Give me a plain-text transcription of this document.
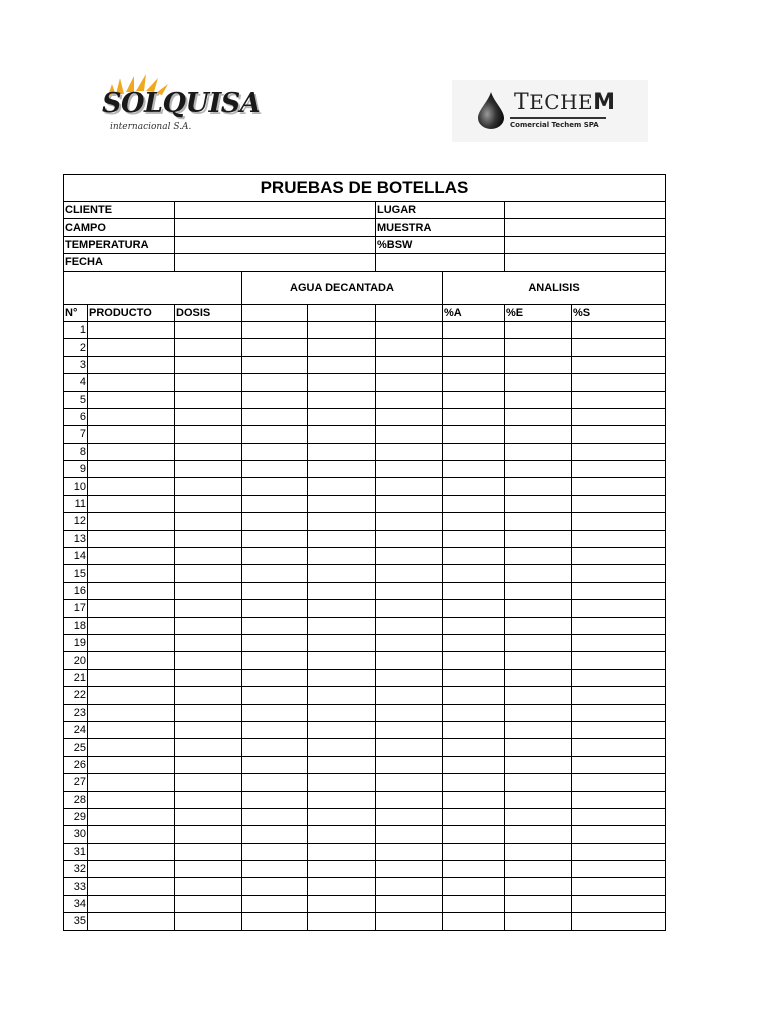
SOLQUISA
internacional S.A.
TECHEM
Comercial Techem SPA
PRUEBAS DE BOTELLAS								
CLIENTE					LUGAR			
CAMPO					MUESTRA			
TEMPERATURA					%BSW			
FECHA								
			AGUA DECANTADA			ANALISIS		
N°	PRODUCTO	DOSIS				%A	%E	%S
1								
2								
3								
4								
5								
6								
7								
8								
9								
10								
11								
12								
13								
14								
15								
16								
17								
18								
19								
20								
21								
22								
23								
24								
25								
26								
27								
28								
29								
30								
31								
32								
33								
34								
35								
